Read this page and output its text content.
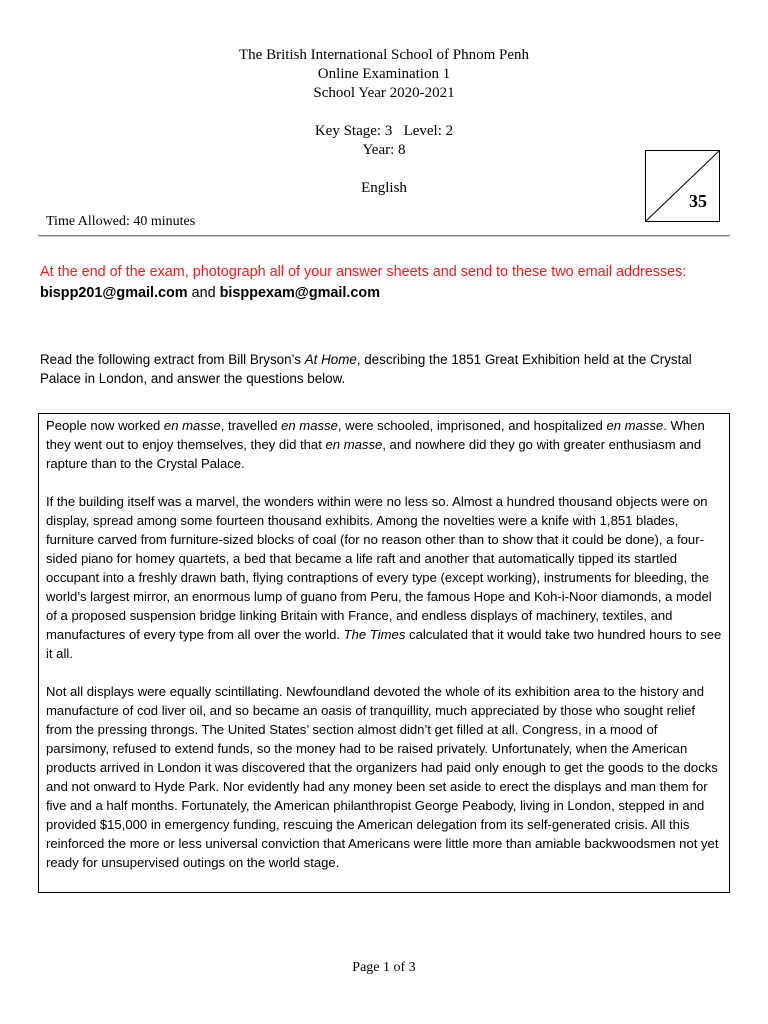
The British International School of Phnom Penh
Online Examination 1
School Year 2020-2021
Key Stage: 3   Level: 2
Year: 8
English
35
Time Allowed: 40 minutes
At the end of the exam, photograph all of your answer sheets and send to these two email addresses:
bispp201@gmail.com and bisppexam@gmail.com
Read the following extract from Bill Bryson’s At Home, describing the 1851 Great Exhibition held at the Crystal Palace in London, and answer the questions below.

People now worked en masse, travelled en masse, were schooled, imprisoned, and hospitalized en masse. When they went out to enjoy themselves, they did that en masse, and nowhere did they go with greater enthusiasm and rapture than to the Crystal Palace.

If the building itself was a marvel, the wonders within were no less so. Almost a hundred thousand objects were on display, spread among some fourteen thousand exhibits. Among the novelties were a knife with 1,851 blades, furniture carved from furniture-sized blocks of coal (for no reason other than to show that it could be done), a four-sided piano for homey quartets, a bed that became a life raft and another that automatically tipped its startled occupant into a freshly drawn bath, flying contraptions of every type (except working), instruments for bleeding, the world’s largest mirror, an enormous lump of guano from Peru, the famous Hope and Koh-i-Noor diamonds, a model of a proposed suspension bridge linking Britain with France, and endless displays of machinery, textiles, and manufactures of every type from all over the world. The Times calculated that it would take two hundred hours to see it all.

Not all displays were equally scintillating. Newfoundland devoted the whole of its exhibition area to the history and manufacture of cod liver oil, and so became an oasis of tranquillity, much appreciated by those who sought relief from the pressing throngs. The United States’ section almost didn’t get filled at all. Congress, in a mood of parsimony, refused to extend funds, so the money had to be raised privately. Unfortunately, when the American products arrived in London it was discovered that the organizers had paid only enough to get the goods to the docks and not onward to Hyde Park. Nor evidently had any money been set aside to erect the displays and man them for five and a half months. Fortunately, the American philanthropist George Peabody, living in London, stepped in and provided $15,000 in emergency funding, rescuing the American delegation from its self-generated crisis. All this reinforced the more or less universal conviction that Americans were little more than amiable backwoodsmen not yet ready for unsupervised outings on the world stage.

Page 1 of 3
